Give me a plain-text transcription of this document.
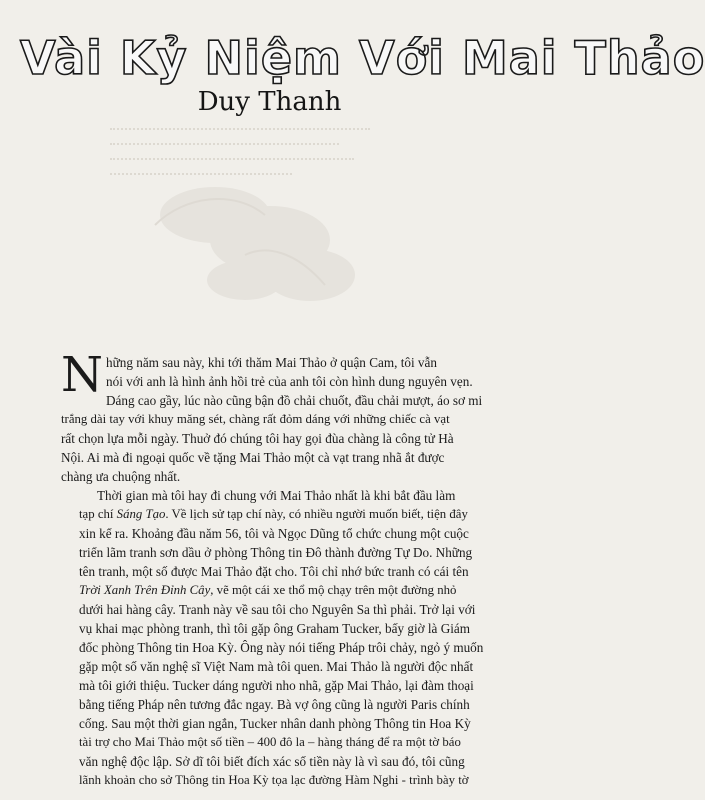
Vài Kỷ Niệm Với Mai Thảo
Duy Thanh

N hững năm sau này, khi tới thăm Mai Thảo ở quận Cam, tôi vẫn
nói với anh là hình ảnh hồi trẻ của anh tôi còn hình dung nguyên vẹn.
Dáng cao gầy, lúc nào cũng bận đồ chải chuốt, đầu chải mượt, áo sơ mi
trắng dài tay với khuy măng sét, chàng rất đỏm dáng với những chiếc cà vạt
rất chọn lựa mỗi ngày. Thuở đó chúng tôi hay gọi đùa chàng là công tử Hà
Nội. Ai mà đi ngoại quốc về tặng Mai Thảo một cà vạt trang nhã ắt được
chàng ưa chuộng nhất.

Thời gian mà tôi hay đi chung với Mai Thảo nhất là khi bắt đầu làm
tạp chí Sáng Tạo. Về lịch sử tạp chí này, có nhiều người muốn biết, tiện đây
xin kể ra. Khoảng đầu năm 56, tôi và Ngọc Dũng tổ chức chung một cuộc
triển lãm tranh sơn dầu ở phòng Thông tin Đô thành đường Tự Do. Những
tên tranh, một số được Mai Thảo đặt cho. Tôi chỉ nhớ bức tranh có cái tên
Trời Xanh Trên Đỉnh Cây, vẽ một cái xe thổ mộ chạy trên một đường nhỏ
dưới hai hàng cây. Tranh này về sau tôi cho Nguyên Sa thì phải. Trở lại với
vụ khai mạc phòng tranh, thì tôi gặp ông Graham Tucker, bấy giờ là Giám
đốc phòng Thông tin Hoa Kỳ. Ông này nói tiếng Pháp trôi chảy, ngỏ ý muốn
gặp một số văn nghệ sĩ Việt Nam mà tôi quen. Mai Thảo là người độc nhất
mà tôi giới thiệu. Tucker dáng người nho nhã, gặp Mai Thảo, lại đàm thoại
bằng tiếng Pháp nên tương đắc ngay. Bà vợ ông cũng là người Paris chính
cống. Sau một thời gian ngắn, Tucker nhân danh phòng Thông tin Hoa Kỳ
tài trợ cho Mai Thảo một số tiền – 400 đô la – hàng tháng để ra một tờ báo
văn nghệ độc lập. Sở dĩ tôi biết đích xác số tiền này là vì sau đó, tôi cũng
lãnh khoản cho sở Thông tin Hoa Kỳ tọa lạc đường Hàm Nghi - trình bày tờ
